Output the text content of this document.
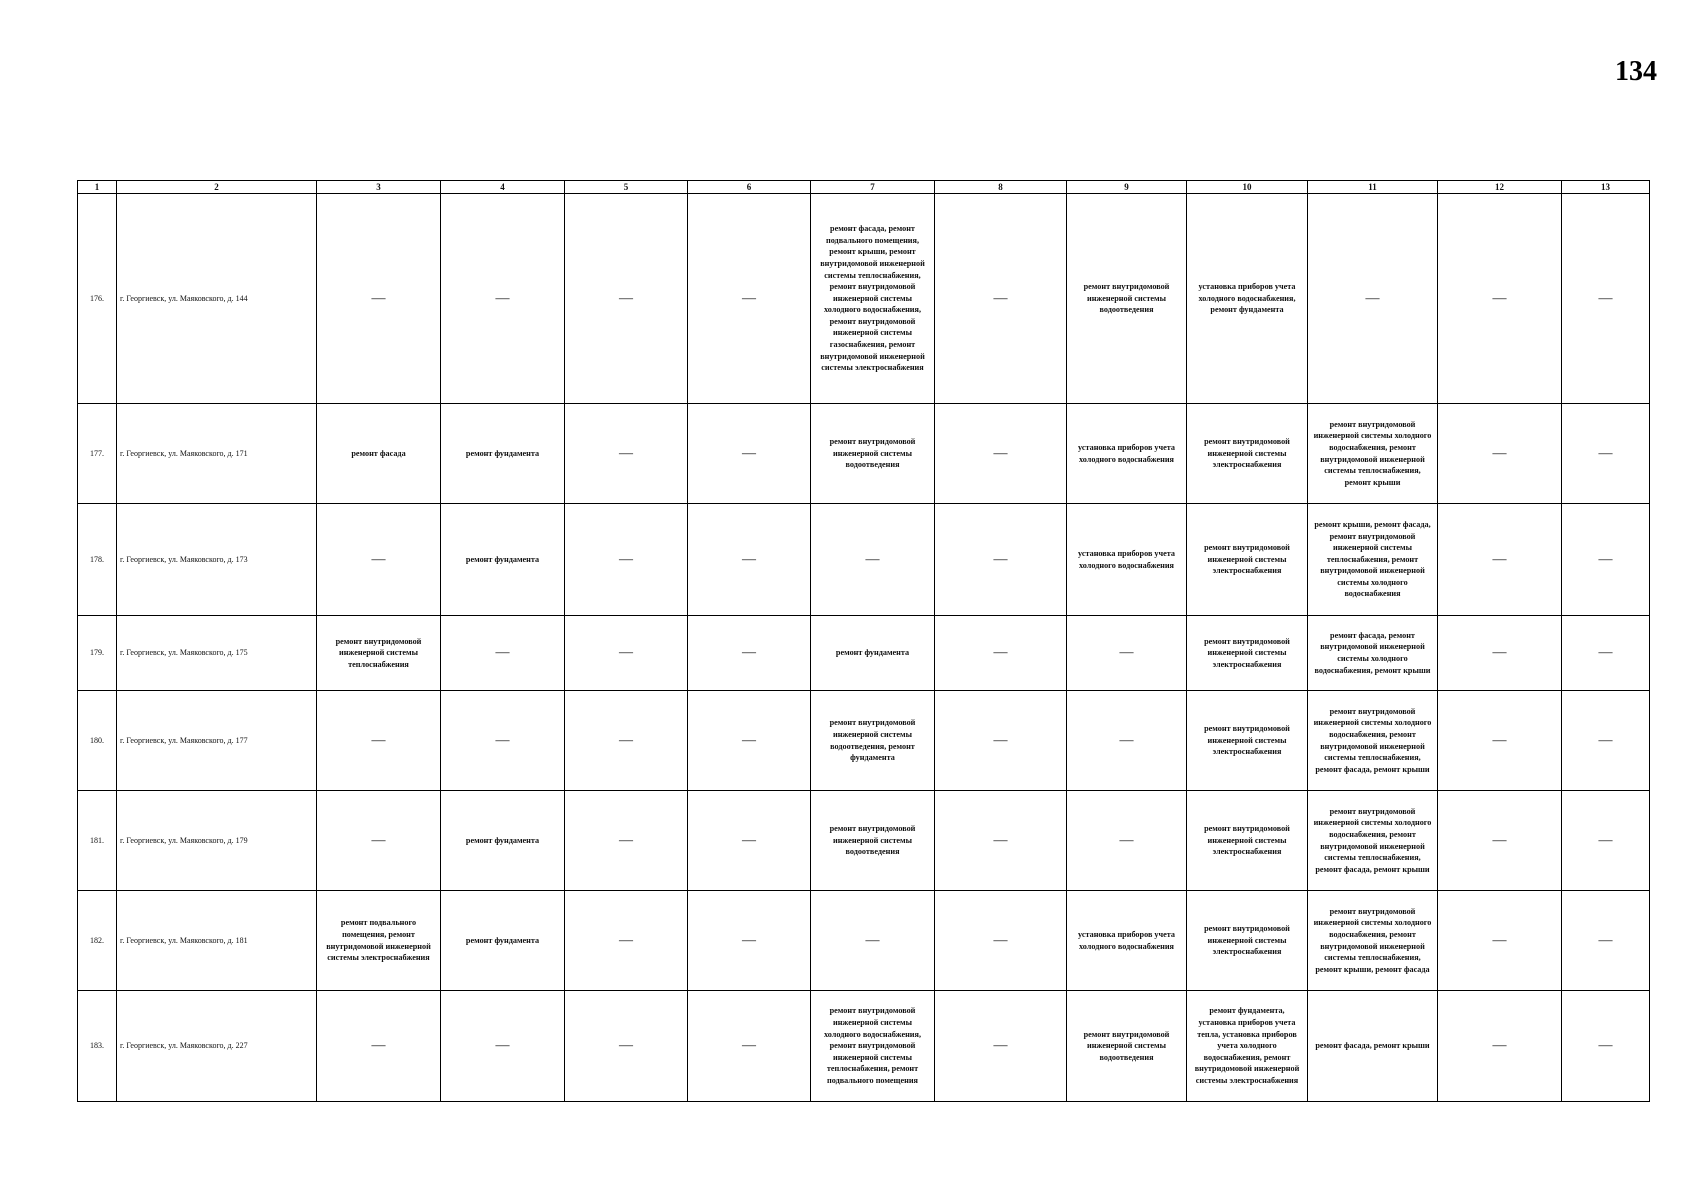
134
1	2	3	4	5	6	7	8	9	10	11	12	13
176.	г. Георгиевск, ул. Маяковского, д. 144	—	—	—	—	ремонт фасада, ремонт подвального помещения, ремонт крыши, ремонт внутридомовой инженерной системы теплоснабжения, ремонт внутридомовой инженерной системы холодного водоснабжения, ремонт внутридомовой инженерной системы газоснабжения, ремонт внутридомовой инженерной системы электроснабжения	—	ремонт внутридомовой инженерной системы водоотведения	установка приборов учета холодного водоснабжения, ремонт фундамента	—	—	—
177.	г. Георгиевск, ул. Маяковского, д. 171	ремонт фасада	ремонт фундамента	—	—	ремонт внутридомовой инженерной системы водоотведения	—	установка приборов учета холодного водоснабжения	ремонт внутридомовой инженерной системы электроснабжения	ремонт внутридомовой инженерной системы холодного водоснабжения, ремонт внутридомовой инженерной системы теплоснабжения, ремонт крыши	—	—
178.	г. Георгиевск, ул. Маяковского, д. 173	—	ремонт фундамента	—	—	—	—	установка приборов учета холодного водоснабжения	ремонт внутридомовой инженерной системы электроснабжения	ремонт крыши, ремонт фасада, ремонт внутридомовой инженерной системы теплоснабжения, ремонт внутридомовой инженерной системы холодного водоснабжения	—	—
179.	г. Георгиевск, ул. Маяковского, д. 175	ремонт внутридомовой инженерной системы теплоснабжения	—	—	—	ремонт фундамента	—	—	ремонт внутридомовой инженерной системы электроснабжения	ремонт фасада, ремонт внутридомовой инженерной системы холодного водоснабжения, ремонт крыши	—	—
180.	г. Георгиевск, ул. Маяковского, д. 177	—	—	—	—	ремонт внутридомовой инженерной системы водоотведения, ремонт фундамента	—	—	ремонт внутридомовой инженерной системы электроснабжения	ремонт внутридомовой инженерной системы холодного водоснабжения, ремонт внутридомовой инженерной системы теплоснабжения, ремонт фасада, ремонт крыши	—	—
181.	г. Георгиевск, ул. Маяковского, д. 179	—	ремонт фундамента	—	—	ремонт внутридомовой инженерной системы водоотведения	—	—	ремонт внутридомовой инженерной системы электроснабжения	ремонт внутридомовой инженерной системы холодного водоснабжения, ремонт внутридомовой инженерной системы теплоснабжения, ремонт фасада, ремонт крыши	—	—
182.	г. Георгиевск, ул. Маяковского, д. 181	ремонт подвального помещения, ремонт внутридомовой инженерной системы электроснабжения	ремонт фундамента	—	—	—	—	установка приборов учета холодного водоснабжения	ремонт внутридомовой инженерной системы электроснабжения	ремонт внутридомовой инженерной системы холодного водоснабжения, ремонт внутридомовой инженерной системы теплоснабжения, ремонт крыши, ремонт фасада	—	—
183.	г. Георгиевск, ул. Маяковского, д. 227	—	—	—	—	ремонт внутридомовой инженерной системы холодного водоснабжения, ремонт внутридомовой инженерной системы теплоснабжения, ремонт подвального помещения	—	ремонт внутридомовой инженерной системы водоотведения	ремонт фундамента, установка приборов учета тепла, установка приборов учета холодного водоснабжения, ремонт внутридомовой инженерной системы электроснабжения	ремонт фасада, ремонт крыши	—	—
